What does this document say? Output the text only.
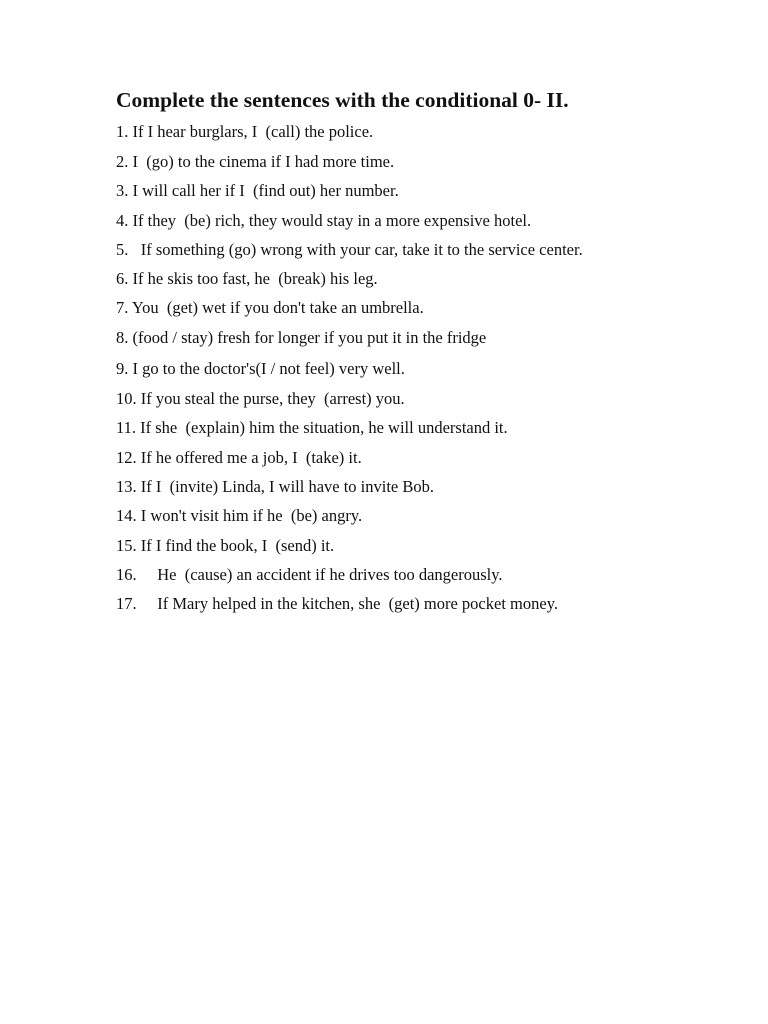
Complete the sentences with the conditional 0- II.
1. If I hear burglars, I  (call) the police.
2. I  (go) to the cinema if I had more time.
3. I will call her if I  (find out) her number.
4. If they  (be) rich, they would stay in a more expensive hotel.
5.   If something (go) wrong with your car, take it to the service center.
6. If he skis too fast, he  (break) his leg.
7. You  (get) wet if you don't take an umbrella.
8. (food / stay) fresh for longer if you put it in the fridge
9. I go to the doctor's(I / not feel) very well.
10. If you steal the purse, they  (arrest) you.
11. If she  (explain) him the situation, he will understand it.
12. If he offered me a job, I  (take) it.
13. If I  (invite) Linda, I will have to invite Bob.
14. I won't visit him if he  (be) angry.
15. If I find the book, I  (send) it.
16.     He  (cause) an accident if he drives too dangerously.
17.     If Mary helped in the kitchen, she  (get) more pocket money.
